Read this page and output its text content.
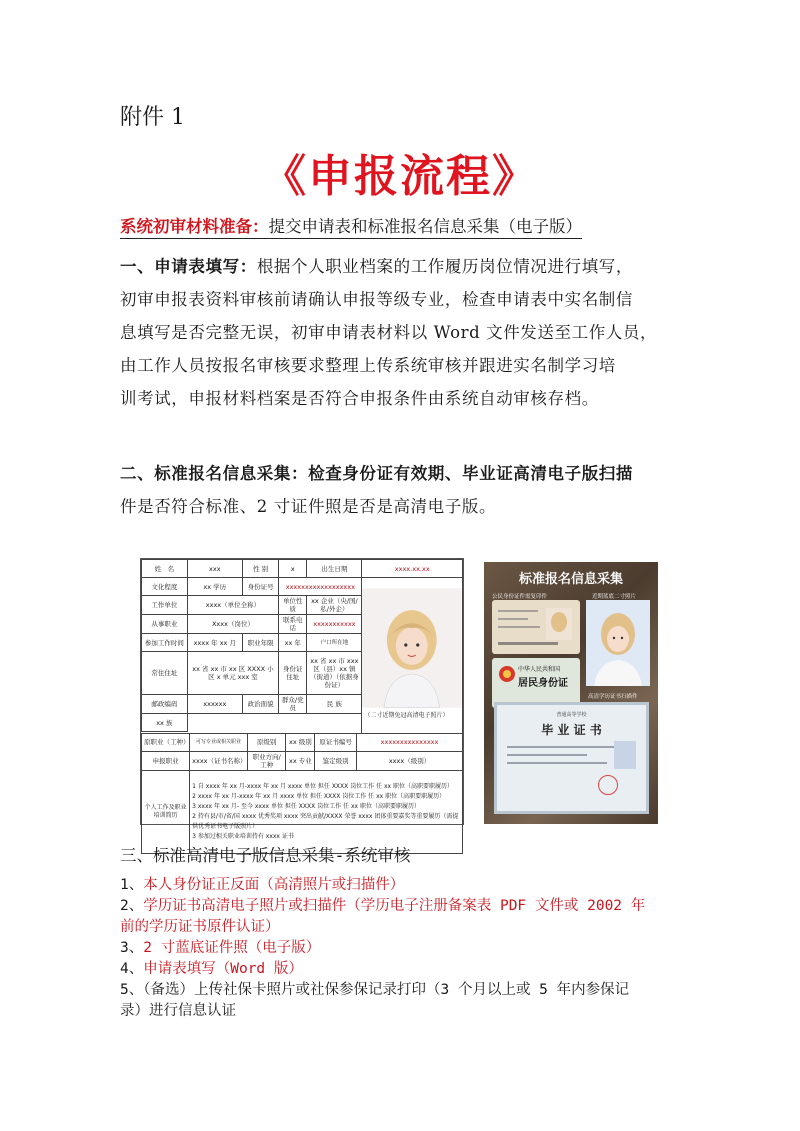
附件 1
《申报流程》
系统初审材料准备：提交申请表和标准报名信息采集（电子版）
一、申请表填写：根据个人职业档案的工作履历岗位情况进行填写，
初审申报表资料审核前请确认申报等级专业，检查申请表中实名制信
息填写是否完整无误，初审申请表材料以 Word 文件发送至工作人员，
由工作人员按报名审核要求整理上传系统审核并跟进实名制学习培
训考试，申报材料档案是否符合申报条件由系统自动审核存档。
二、标准报名信息采集：检查身份证有效期、毕业证高清电子版扫描
件是否符合标准、2 寸证件照是否是高清电子版。
姓　名	xxx	性 别	x	出生日期	xxxx.xx.xx
文化程度	xx 学历	身份证号	xxxxxxxxxxxxxxxxxx		（二寸近期免冠高清电子照片）

工作单位	xxxx（单位全称）		单位性质	xx 企业（央/国/私/外企）	
从事职业	Xxxx（岗位）		联系电话	xxxxxxxxxxx	
参加工作时间	xxxx 年 xx 月	职业年限	xx 年	户口所在地	
常住住址	xx 省 xx 市 xx 区 XXXX 小区 x 单元 xxx 室		身份证住址	xx 省 xx 市 xxx 区（县）xx 镇（街道）（依据身份证）	
邮政编码	xxxxxx	政治面貌	群众/党员	民 族	
xx 族					

原职业（工种）	可写专业或相关职业	原级别	xx 级别	原证书编号	xxxxxxxxxxxxxxx
申报职业	xxxx（证书名称）	职业方向/工种	xx 专业	鉴定级别	xxxx（级别）
个人工作及职业培训简历	1 自 xxxx 年 xx 月-xxxx 年 xx 月 xxxx 单位 担任 XXXX 岗位工作 任 xx 职位（高职要职履历）
2 xxxx 年 xx 月-xxxx 年 xx 月 xxxx 单位 担任 XXXX 岗位工作 任 xx 职位（高职要职履历）
3 xxxx 年 xx 月- 至今 xxxx 单位 担任 XXXX 岗位工作 任 xx 职位（高职要职履历）
2 持有县/市/省/国 xxxx 优秀奖项 xxxx 突出贡献/XXXX 荣誉 xxxx 团体重要嘉奖等重要履历（需提供优秀证书电子版照片）
3 参加过相关职业培训持有 xxxx 证书				
标准报名信息采集
公民身份证件需复印件	近期蓝底二寸照片
中华人民共和国
居民身份证
高清学历证书扫描件
普通高等学校
毕 业 证 书
三、标准高清电子版信息采集-系统审核
1、本人身份证正反面（高清照片或扫描件）
2、学历证书高清电子照片或扫描件（学历电子注册备案表 PDF 文件或 2002 年
前的学历证书原件认证）
3、2 寸蓝底证件照（电子版）
4、申请表填写（Word 版）
5、（备选）上传社保卡照片或社保参保记录打印（3 个月以上或 5 年内参保记
录）进行信息认证
